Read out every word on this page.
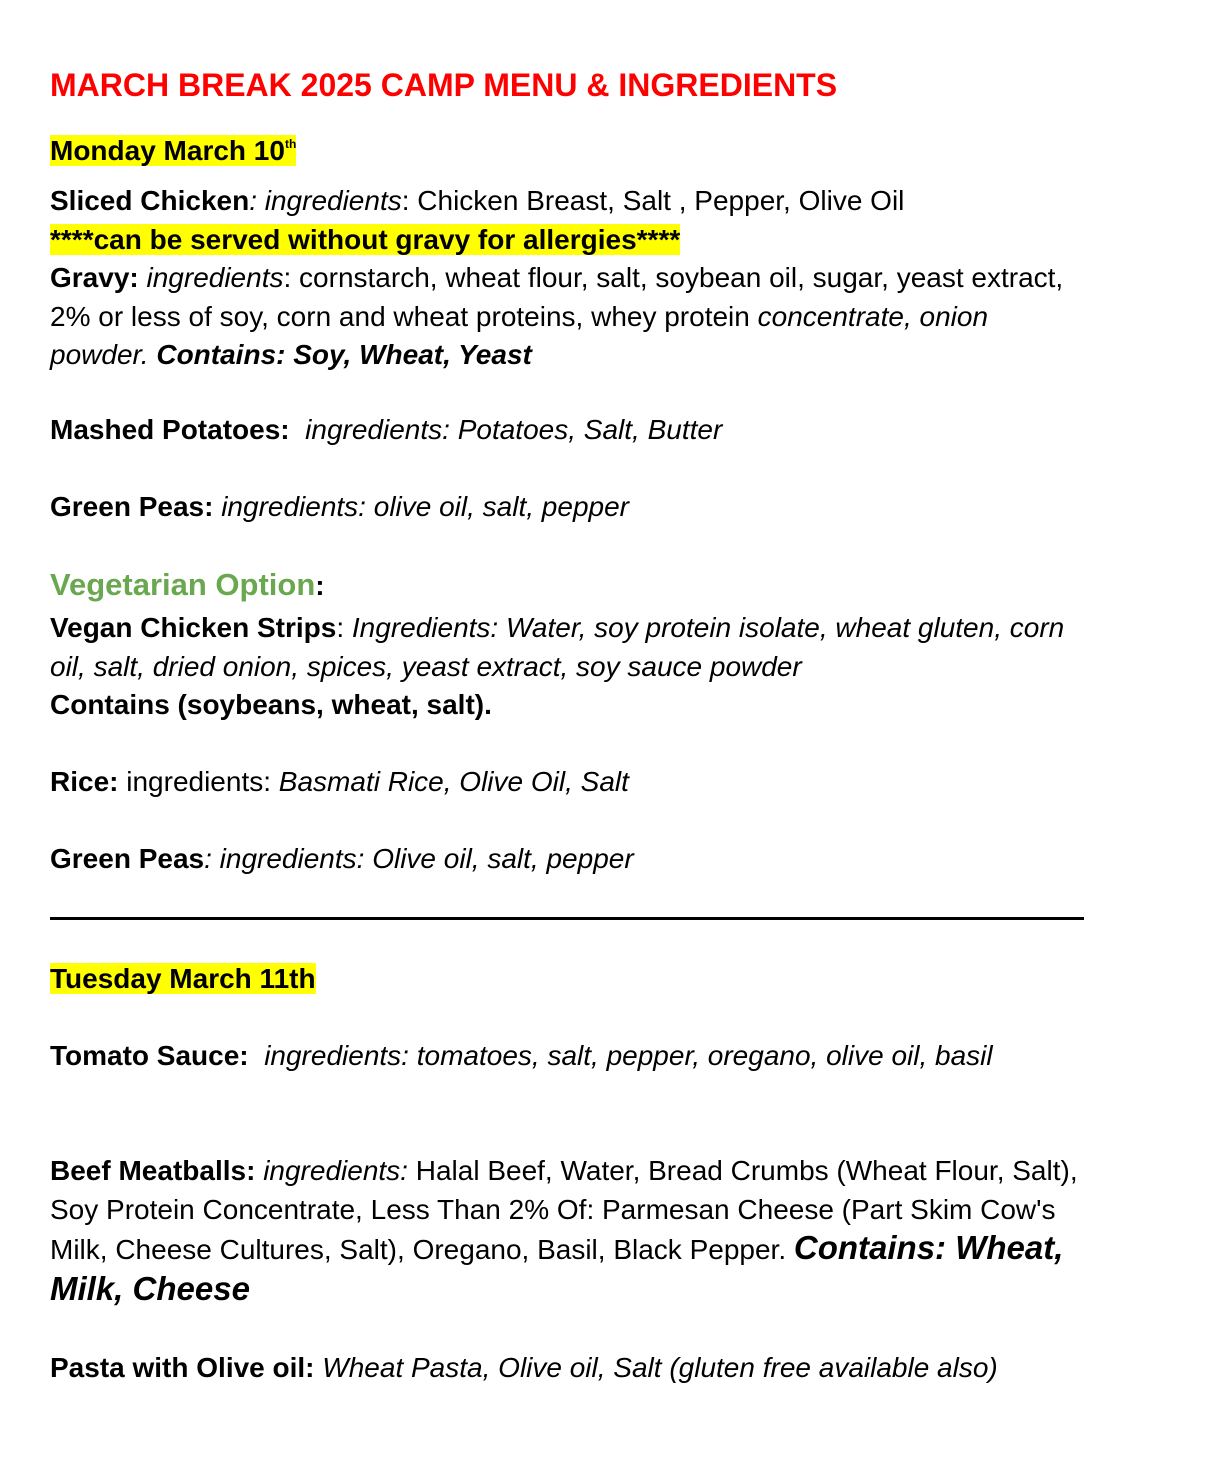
MARCH BREAK 2025 CAMP MENU & INGREDIENTS
Monday March 10th
Sliced Chicken: ingredients: Chicken Breast, Salt , Pepper, Olive Oil
****can be served without gravy for allergies****
Gravy: ingredients: cornstarch, wheat flour, salt, soybean oil, sugar, yeast extract, 2% or less of soy, corn and wheat proteins, whey protein concentrate, onion powder. Contains: Soy, Wheat, Yeast
Mashed Potatoes: ingredients: Potatoes, Salt, Butter
Green Peas: ingredients: olive oil, salt, pepper
Vegetarian Option:
Vegan Chicken Strips: Ingredients: Water, soy protein isolate, wheat gluten, corn oil, salt, dried onion, spices, yeast extract, soy sauce powder
Contains (soybeans, wheat, salt).
Rice: ingredients: Basmati Rice, Olive Oil, Salt
Green Peas: ingredients: Olive oil, salt, pepper
Tuesday March 11th
Tomato Sauce: ingredients: tomatoes, salt, pepper, oregano, olive oil, basil
Beef Meatballs: ingredients: Halal Beef, Water, Bread Crumbs (Wheat Flour, Salt), Soy Protein Concentrate, Less Than 2% Of: Parmesan Cheese (Part Skim Cow's Milk, Cheese Cultures, Salt), Oregano, Basil, Black Pepper. Contains: Wheat, Milk, Cheese
Pasta with Olive oil: Wheat Pasta, Olive oil, Salt (gluten free available also)
